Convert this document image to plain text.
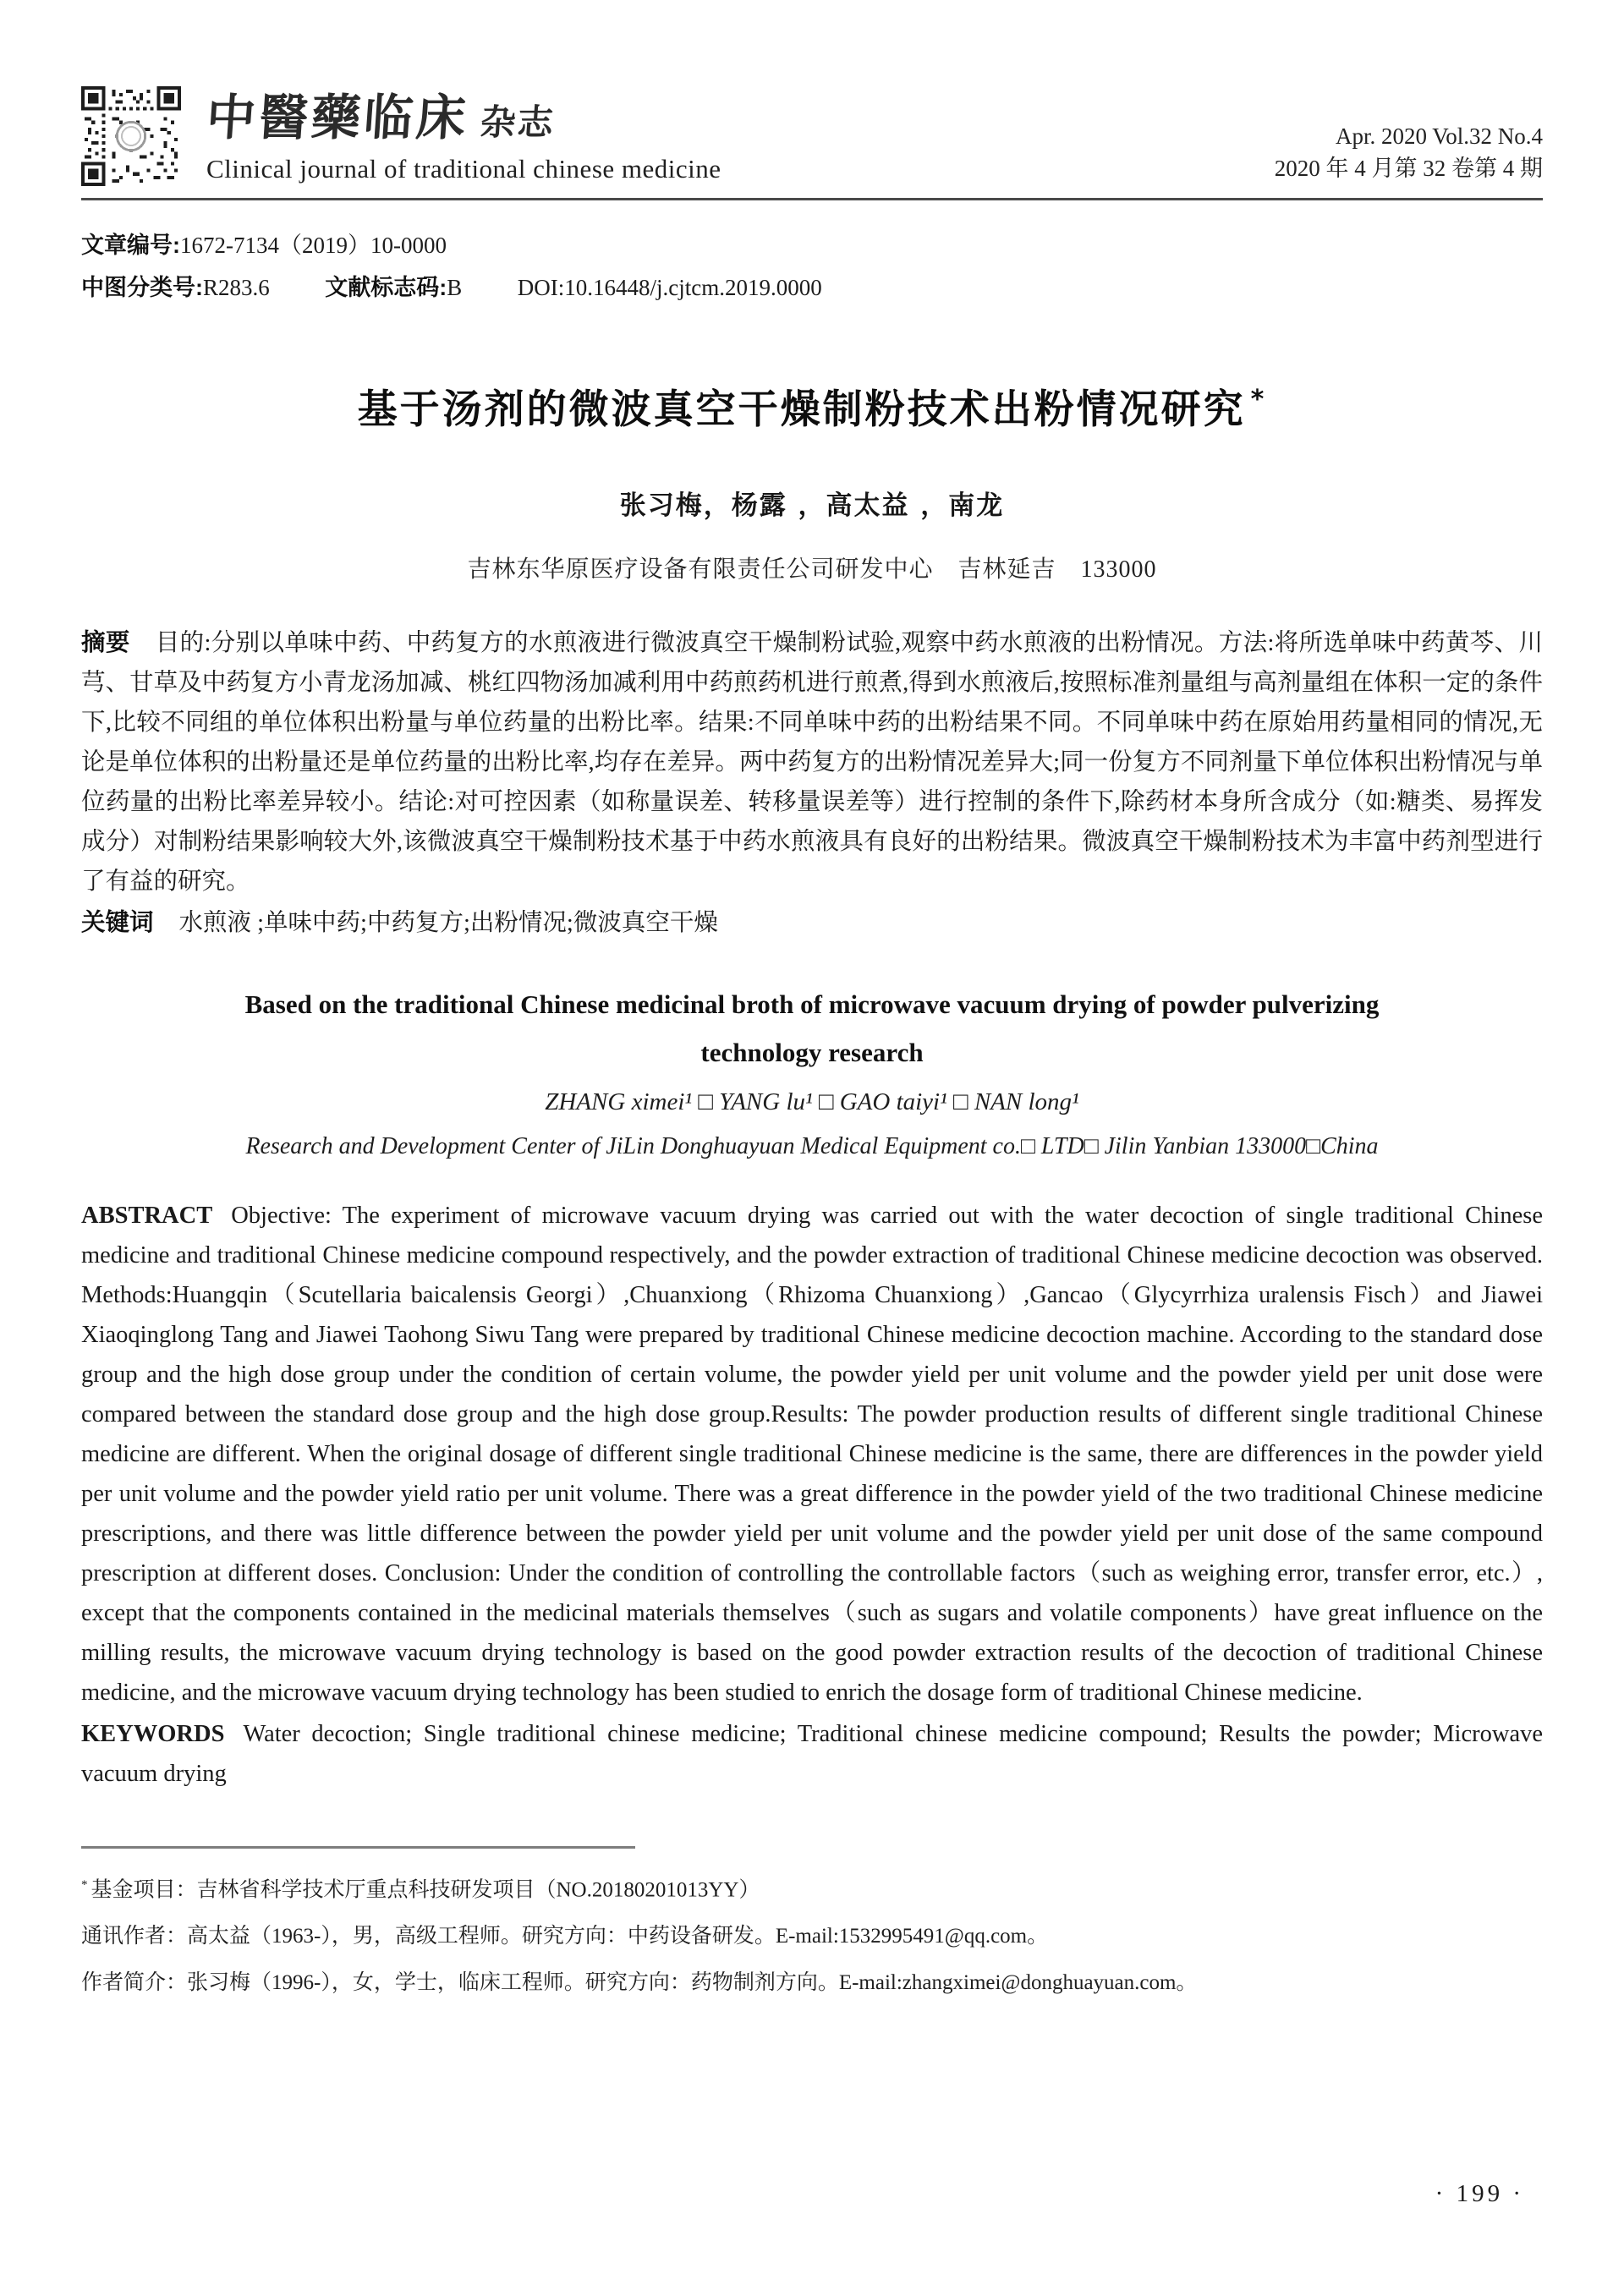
中醫藥临床 杂志
Clinical journal of traditional chinese medicine
Apr. 2020 Vol.32 No.4
2020 年 4 月第 32 卷第 4 期
文章编号:1672-7134（2019）10-0000
中图分类号:R283.6 文献标志码:B DOI:10.16448/j.cjtcm.2019.0000
基于汤剂的微波真空干燥制粉技术出粉情况研究 *
张习梅，杨露 ，高太益 ，南龙
吉林东华原医疗设备有限责任公司研发中心　吉林延吉　133000
摘要 目的:分别以单味中药、中药复方的水煎液进行微波真空干燥制粉试验,观察中药水煎液的出粉情况。方法:将所选单味中药黄芩、川芎、甘草及中药复方小青龙汤加减、桃红四物汤加减利用中药煎药机进行煎煮,得到水煎液后,按照标准剂量组与高剂量组在体积一定的条件下,比较不同组的单位体积出粉量与单位药量的出粉比率。结果:不同单味中药的出粉结果不同。不同单味中药在原始用药量相同的情况,无论是单位体积的出粉量还是单位药量的出粉比率,均存在差异。两中药复方的出粉情况差异大;同一份复方不同剂量下单位体积出粉情况与单位药量的出粉比率差异较小。结论:对可控因素（如称量误差、转移量误差等）进行控制的条件下,除药材本身所含成分（如:糖类、易挥发成分）对制粉结果影响较大外,该微波真空干燥制粉技术基于中药水煎液具有良好的出粉结果。微波真空干燥制粉技术为丰富中药剂型进行了有益的研究。
关键词 水煎液 ;单味中药;中药复方;出粉情况;微波真空干燥
Based on the traditional Chinese medicinal broth of microwave vacuum drying of powder pulverizing
technology research
ZHANG ximei¹ □ YANG lu¹ □ GAO taiyi¹ □ NAN long¹
Research and Development Center of JiLin Donghuayuan Medical Equipment co.□ LTD□ Jilin Yanbian 133000□China
ABSTRACT Objective: The experiment of microwave vacuum drying was carried out with the water decoction of single traditional Chinese medicine and traditional Chinese medicine compound respectively, and the powder extraction of traditional Chinese medicine decoction was observed. Methods:Huangqin（Scutellaria baicalensis Georgi）,Chuanxiong（Rhizoma Chuanxiong）,Gancao（Glycyrrhiza uralensis Fisch）and Jiawei Xiaoqinglong Tang and Jiawei Taohong Siwu Tang were prepared by traditional Chinese medicine decoction machine. According to the standard dose group and the high dose group under the condition of certain volume, the powder yield per unit volume and the powder yield per unit dose were compared between the standard dose group and the high dose group.Results: The powder production results of different single traditional Chinese medicine are different. When the original dosage of different single traditional Chinese medicine is the same, there are differences in the powder yield per unit volume and the powder yield ratio per unit volume. There was a great difference in the powder yield of the two traditional Chinese medicine prescriptions, and there was little difference between the powder yield per unit volume and the powder yield per unit dose of the same compound prescription at different doses. Conclusion: Under the condition of controlling the controllable factors（such as weighing error, transfer error, etc.）, except that the components contained in the medicinal materials themselves（such as sugars and volatile components）have great influence on the milling results, the microwave vacuum drying technology is based on the good powder extraction results of the decoction of traditional Chinese medicine, and the microwave vacuum drying technology has been studied to enrich the dosage form of traditional Chinese medicine.
KEYWORDS Water decoction; Single traditional chinese medicine; Traditional chinese medicine compound; Results the powder; Microwave vacuum drying
* 基金项目：吉林省科学技术厅重点科技研发项目（NO.20180201013YY）
通讯作者：高太益（1963-），男，高级工程师。研究方向：中药设备研发。E-mail:1532995491@qq.com。
作者简介：张习梅（1996-），女，学士，临床工程师。研究方向：药物制剂方向。E-mail:zhangximei@donghuayuan.com。
· 199 ·
